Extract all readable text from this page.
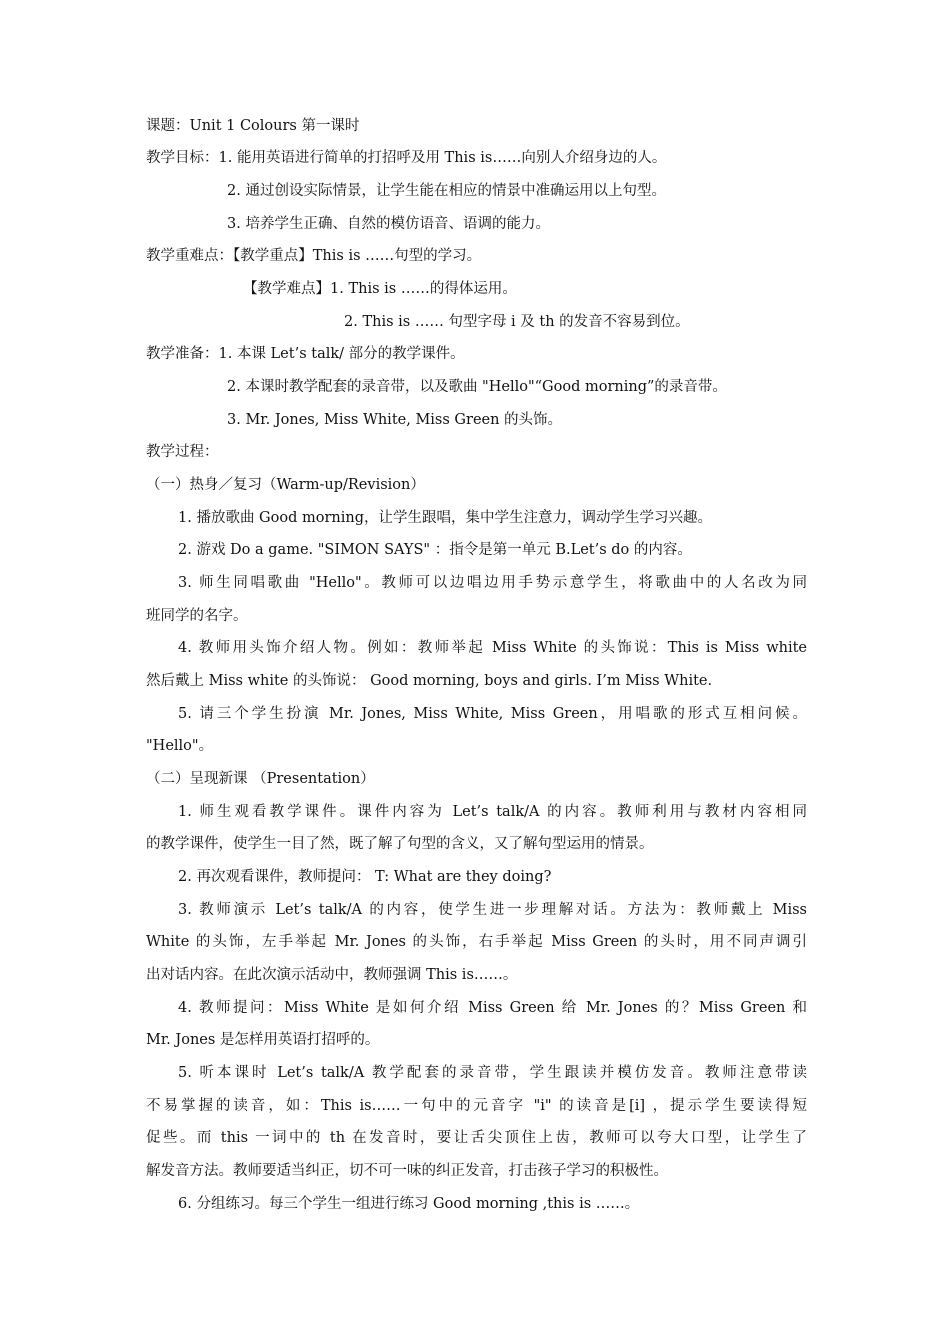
课题：Unit 1 Colours 第一课时
教学目标：1. 能用英语进行简单的打招呼及用 This is……向别人介绍身边的人。
2. 通过创设实际情景，让学生能在相应的情景中准确运用以上句型。
3. 培养学生正确、自然的模仿语音、语调的能力。
教学重难点：【教学重点】This is ……句型的学习。
【教学难点】1. This is ……的得体运用。
2. This is …… 句型字母 i 及 th 的发音不容易到位。
教学准备：1. 本课 Let’s talk/ 部分的教学课件。
2. 本课时教学配套的录音带，以及歌曲 "Hello"“Good morning”的录音带。
3. Mr. Jones, Miss White, Miss Green 的头饰。
教学过程：
（一）热身／复习（Warm-up/Revision）
1. 播放歌曲 Good morning，让学生跟唱，集中学生注意力，调动学生学习兴趣。
2. 游戏 Do a game. "SIMON SAYS" ：指令是第一单元 B.Let’s do 的内容。
3. 师生同唱歌曲 "Hello"。教师可以边唱边用手势示意学生，将歌曲中的人名改为同
班同学的名字。
4. 教师用头饰介绍人物。例如：教师举起 Miss White 的头饰说：This is Miss white
然后戴上 Miss white 的头饰说： Good morning, boys and girls. I’m Miss White.
5. 请三个学生扮演 Mr. Jones, Miss White, Miss Green，用唱歌的形式互相问候。
"Hello"。
（二）呈现新课 （Presentation）
1. 师生观看教学课件。课件内容为 Let’s talk/A 的内容。教师利用与教材内容相同
的教学课件，使学生一目了然，既了解了句型的含义，又了解句型运用的情景。
2. 再次观看课件，教师提问： T: What are they doing?
3. 教师演示 Let’s talk/A 的内容，使学生进一步理解对话。方法为：教师戴上 Miss
White 的头饰，左手举起 Mr. Jones 的头饰，右手举起 Miss Green 的头时，用不同声调引
出对话内容。在此次演示活动中，教师强调 This is……。
4. 教师提问：Miss White 是如何介绍 Miss Green 给 Mr. Jones 的？Miss Green 和
Mr. Jones 是怎样用英语打招呼的。
5. 听本课时 Let’s talk/A 教学配套的录音带，学生跟读并模仿发音。教师注意带读
不易掌握的读音，如：This is……一句中的元音字 "i" 的读音是[i] ，提示学生要读得短
促些。而 this 一词中的 th 在发音时，要让舌尖顶住上齿，教师可以夸大口型，让学生了
解发音方法。教师要适当纠正，切不可一味的纠正发音，打击孩子学习的积极性。
6. 分组练习。每三个学生一组进行练习 Good morning ,this is ……。
